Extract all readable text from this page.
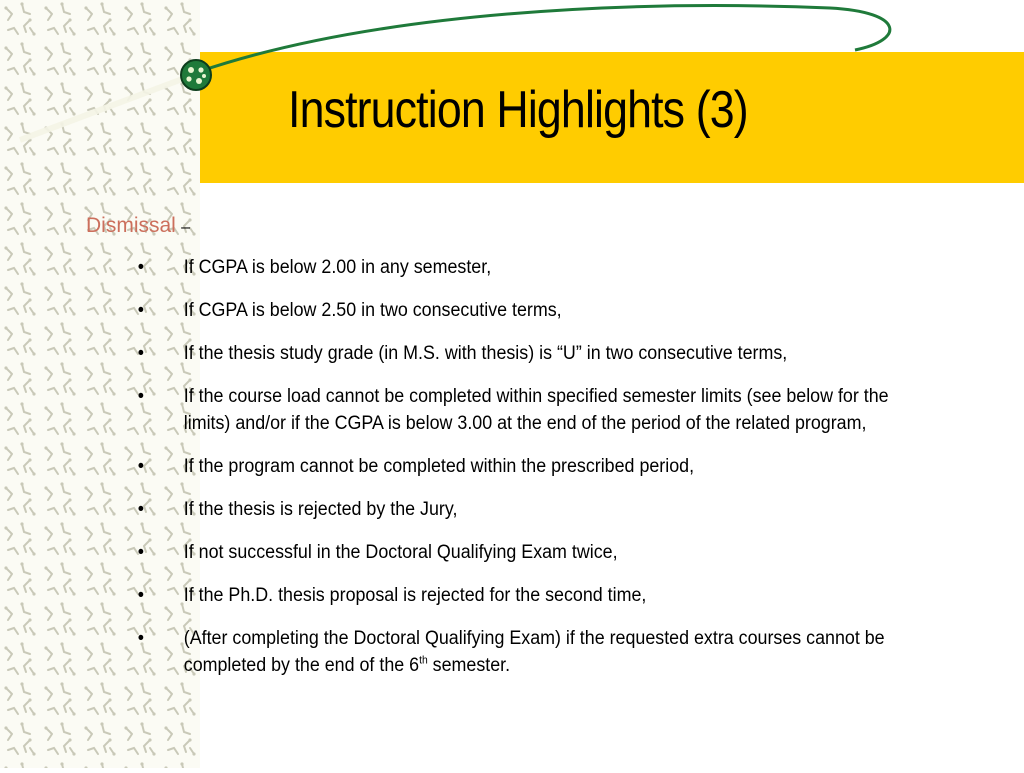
Instruction Highlights (3)

Dismissal –

• If CGPA is below 2.00 in any semester,
• If CGPA is below 2.50 in two consecutive terms,
• If the thesis study grade (in M.S. with thesis) is “U” in two consecutive terms,
• If the course load cannot be completed within specified semester limits (see below for the limits) and/or if the CGPA is below 3.00 at the end of the period of the related program,
• If the program cannot be completed within the prescribed period,
• If the thesis is rejected by the Jury,
• If not successful in the Doctoral Qualifying Exam twice,
• If the Ph.D. thesis proposal is rejected for the second time,
• (After completing the Doctoral Qualifying Exam) if the requested extra courses cannot be completed by the end of the 6th semester.
